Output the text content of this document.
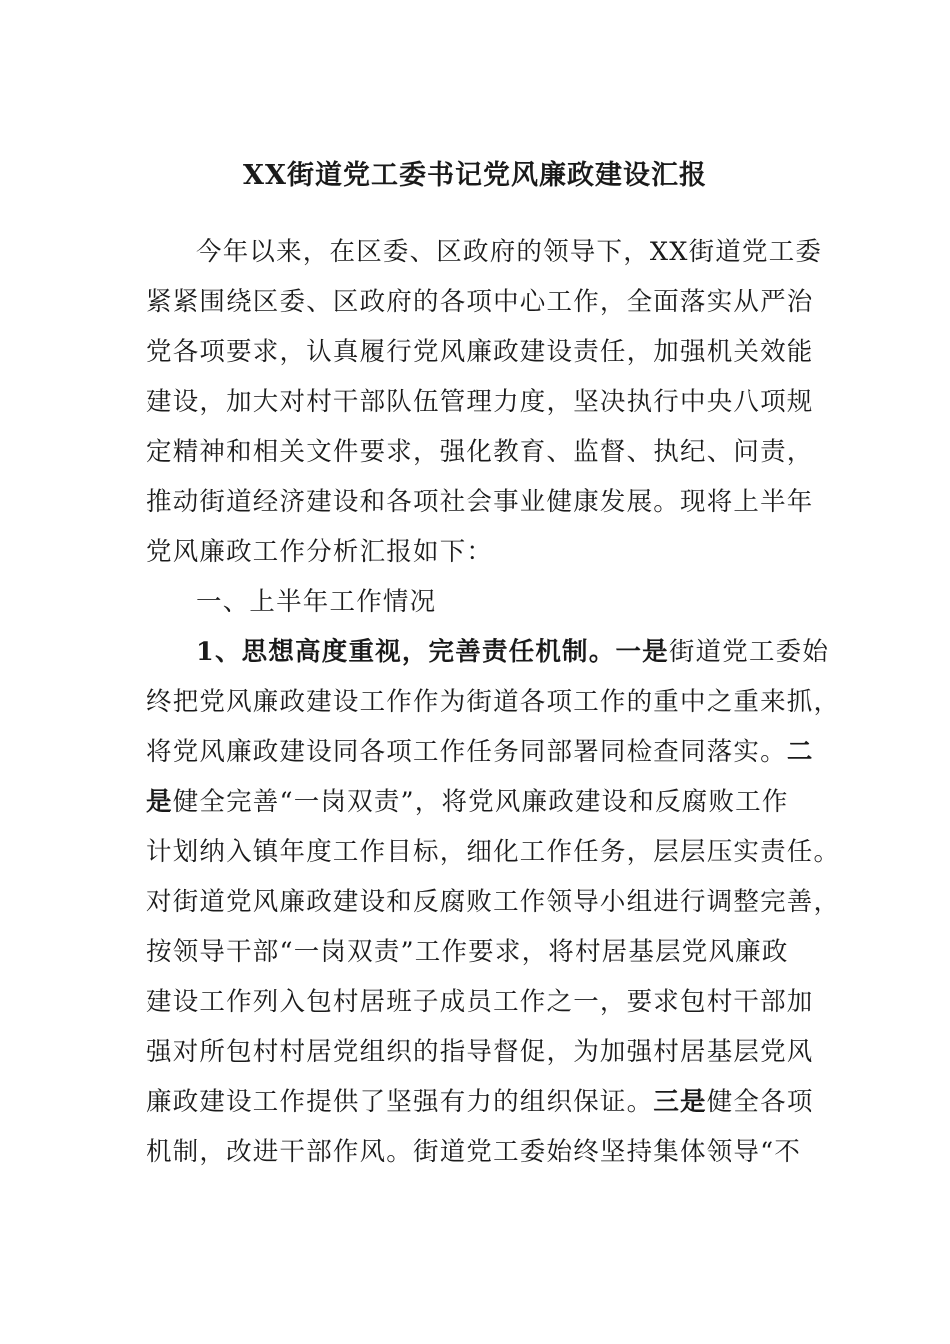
XX街道党工委书记党风廉政建设汇报
今年以来，在区委、区政府的领导下，XX街道党工委
紧紧围绕区委、区政府的各项中心工作，全面落实从严治
党各项要求，认真履行党风廉政建设责任，加强机关效能
建设，加大对村干部队伍管理力度，坚决执行中央八项规
定精神和相关文件要求，强化教育、监督、执纪、问责，
推动街道经济建设和各项社会事业健康发展。现将上半年
党风廉政工作分析汇报如下：
一、上半年工作情况
1、思想高度重视，完善责任机制。一是街道党工委始
终把党风廉政建设工作作为街道各项工作的重中之重来抓，
将党风廉政建设同各项工作任务同部署同检查同落实。二
是健全完善“一岗双责”，将党风廉政建设和反腐败工作
计划纳入镇年度工作目标，细化工作任务，层层压实责任。
对街道党风廉政建设和反腐败工作领导小组进行调整完善，
按领导干部“一岗双责”工作要求，将村居基层党风廉政
建设工作列入包村居班子成员工作之一，要求包村干部加
强对所包村村居党组织的指导督促，为加强村居基层党风
廉政建设工作提供了坚强有力的组织保证。三是健全各项
机制，改进干部作风。街道党工委始终坚持集体领导“不
